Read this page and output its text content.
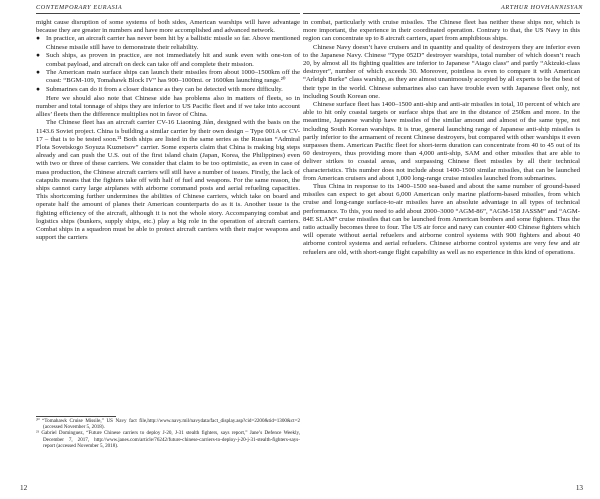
CONTEMPORARY EURASIA

might cause disruption of some systems of both sides, American warships will have advantage because they are greater in numbers and have more accomplished and advanced network.

● In practice, an aircraft carrier has never been hit by a ballistic missile so far. Above mentioned Chinese missile still have to demonstrate their reliability.
● Such ships, as proven in practice, are not immediately hit and sunk even with one-ton of combat payload, and aircraft on deck can take off and complete their mission.
● The American main surface ships can launch their missiles from about 1000–1500km off the coast: “BGM-109, Tomahawk Block IV” has 900–1000mi. or 1600km launching range.²⁰
● Submarines can do it from a closer distance as they can be detected with more difficulty.

Here we should also note that Chinese side has problems also in matters of fleets, so in number and total tonnage of ships they are inferior to US Pacific fleet and if we take into account allies’ fleets then the difference multiplies not in favor of China.

The Chinese fleet has an aircraft carrier CV-16 Liaoning Jiàn, designed with the basis on the 1143.6 Soviet project. China is building a similar carrier by their own design – Type 001A or CV-17 – that is to be tested soon.²¹ Both ships are listed in the same series as the Russian “Admiral Flota Sovetskogo Soyuza Kuznetsov” carrier. Some experts claim that China is making big steps already and can push the U.S. out of the first island chain (Japan, Korea, the Philippines) even with two or three of these carriers. We consider that claim to be too optimistic, as even in case of mass production, the Chinese aircraft carriers will still have a number of issues. Firstly, the lack of catapults means that the fighters take off with half of fuel and weapons. For the same reason, the ships cannot carry large airplanes with airborne command posts and aerial refueling capacities. This shortcoming further undermines the abilities of Chinese carriers, which take on board and operate half the amount of planes their American counterparts do as it is. Another issue is the fighting efficiency of the aircraft, although it is not the whole story. Accompanying combat and logistics ships (bunkers, supply ships, etc.) play a big role in the operation of aircraft carriers. Combat ships in a squadron must be able to protect aircraft carriers with their major weapons and support the carriers

²⁰ “Tomahawk Cruise Missile,” US Navy fact file,http://www.navy.mil/navydata/fact_display.asp?cid=2200&tid=1300&ct=2 (accessed November 5, 2018).

²¹ Gabriel Dominguez, “Future Chinese carriers to deploy J-20, J-31 stealth fighters, says report,” Jane’s Defence Weekly, December 7, 2017, http://www.janes.com/article/76242/future-chinese-carriers-to-deploy-j-20-j-31-stealth-fighters-says-report (accessed November 5, 2018).

12
ARTHUR HOVHANNISYAN

in combat, particularly with cruise missiles. The Chinese fleet has neither these ships nor, which is more important, the experience in their coordinated operation. Contrary to that, the US Navy in this region can concentrate up to 8 aircraft carriers, apart from amphibious ships.

Chinese Navy doesn’t have cruisers and in quantity and quality of destroyers they are inferior even to the Japanese Navy. Chinese “Type 052D” destroyer warships, total number of which doesn’t reach 20, by almost all its fighting qualities are inferior to Japanese “Atago class” and partly “Akizuki-class destroyer”, number of which exceeds 30. Moreover, pointless is even to compare it with American “Arleigh Burke” class warship, as they are almost unanimously accepted by all experts to be the best of their type in the world. Chinese submarines also can have trouble even with Japanese fleet only, not including South Korean one.

Chinese surface fleet has 1400–1500 anti-ship and anti-air missiles in total, 10 percent of which are able to hit only coastal targets or surface ships that are in the distance of 250km and more. In the meantime, Japanese warship have missiles of the similar amount and almost of the same type, not including South Korean warships. It is true, general launching range of Japanese anti-ship missiles is partly inferior to the armament of recent Chinese destroyers, but compared with other warships it even surpasses them. American Pacific fleet for short-term duration can concentrate from 40 to 45 out of its 60 destroyers, thus providing more than 4,000 anti-ship, SAM and other missiles that are able to deliver strikes to coastal areas, and surpassing Chinese fleet missiles by all their technical characteristics. This number does not include about 1400-1500 similar missiles, that can be launched from American cruisers and about 1,000 long-range cruise missiles launched from submarines.

Thus China in response to its 1400–1500 sea-based and about the same number of ground-based missiles can expect to get about 6,000 American only marine platform-based missiles, from which cruise and long-range surface-to-air missiles have an absolute advantage in all types of technical performance. To this, you need to add about 2000–3000 “AGM-86”, “AGM-158 JASSM” and “AGM-84E SLAM” cruise missiles that can be launched from American bombers and some fighters. Thus the ratio actually becomes three to four. The US air force and navy can counter 400 Chinese fighters which will operate without aerial refuelers and airborne control systems with 900 fighters and about 40 airborne control systems and aerial refuelers. Chinese airborne control systems are very few and air refuelers are old, with short-range flight capability as well as no experience in this kind of operations.

13
